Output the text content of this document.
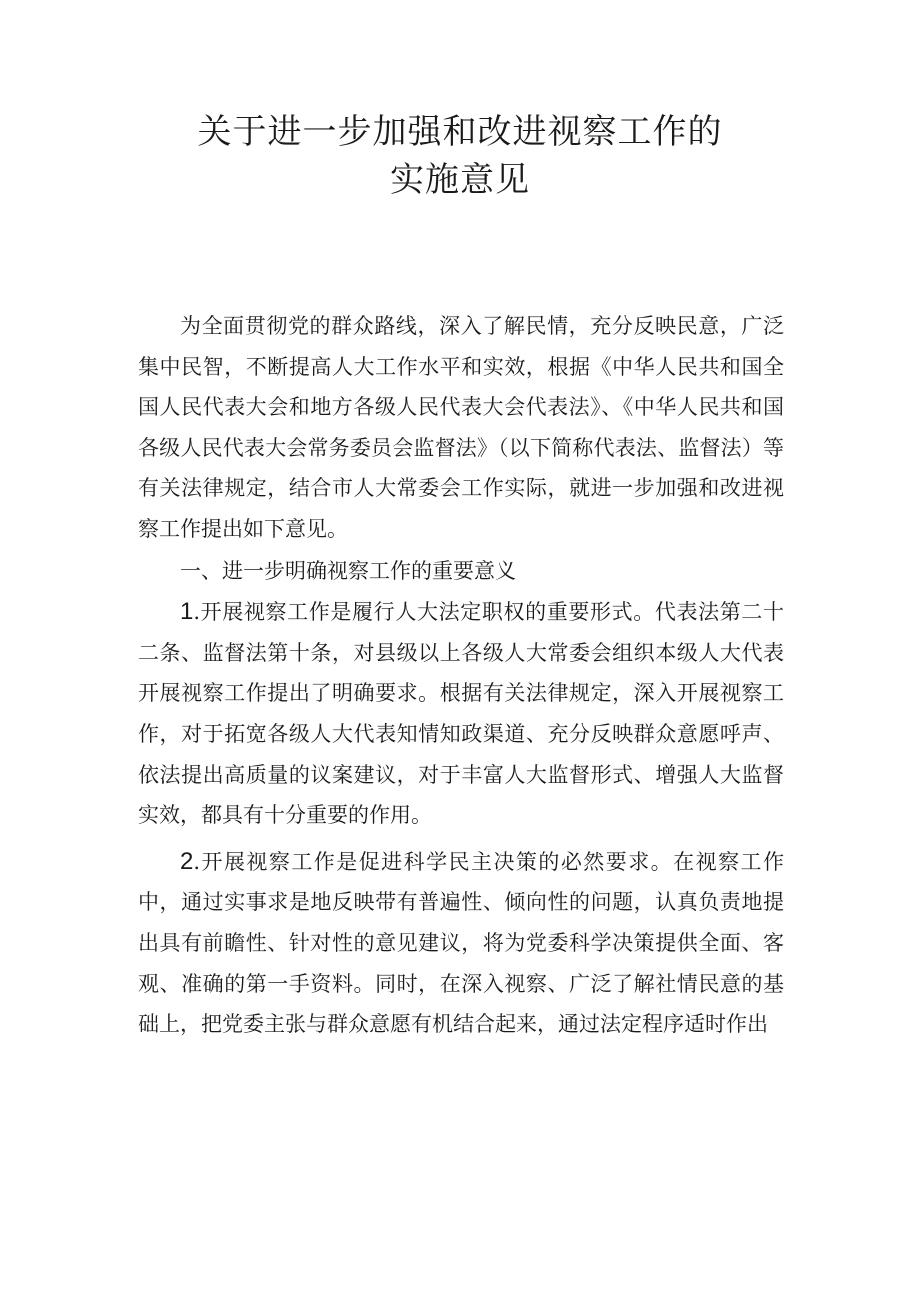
关于进一步加强和改进视察工作的
实施意见

为全面贯彻党的群众路线，深入了解民情，充分反映民意，广泛集中民智，不断提高人大工作水平和实效，根据《中华人民共和国全国人民代表大会和地方各级人民代表大会代表法》、《中华人民共和国各级人民代表大会常务委员会监督法》（以下简称代表法、监督法）等有关法律规定，结合市人大常委会工作实际，就进一步加强和改进视察工作提出如下意见。

一、进一步明确视察工作的重要意义

1.开展视察工作是履行人大法定职权的重要形式。代表法第二十二条、监督法第十条，对县级以上各级人大常委会组织本级人大代表开展视察工作提出了明确要求。根据有关法律规定，深入开展视察工作，对于拓宽各级人大代表知情知政渠道、充分反映群众意愿呼声、依法提出高质量的议案建议，对于丰富人大监督形式、增强人大监督实效，都具有十分重要的作用。

2.开展视察工作是促进科学民主决策的必然要求。在视察工作中，通过实事求是地反映带有普遍性、倾向性的问题，认真负责地提出具有前瞻性、针对性的意见建议，将为党委科学决策提供全面、客观、准确的第一手资料。同时，在深入视察、广泛了解社情民意的基础上，把党委主张与群众意愿有机结合起来，通过法定程序适时作出
